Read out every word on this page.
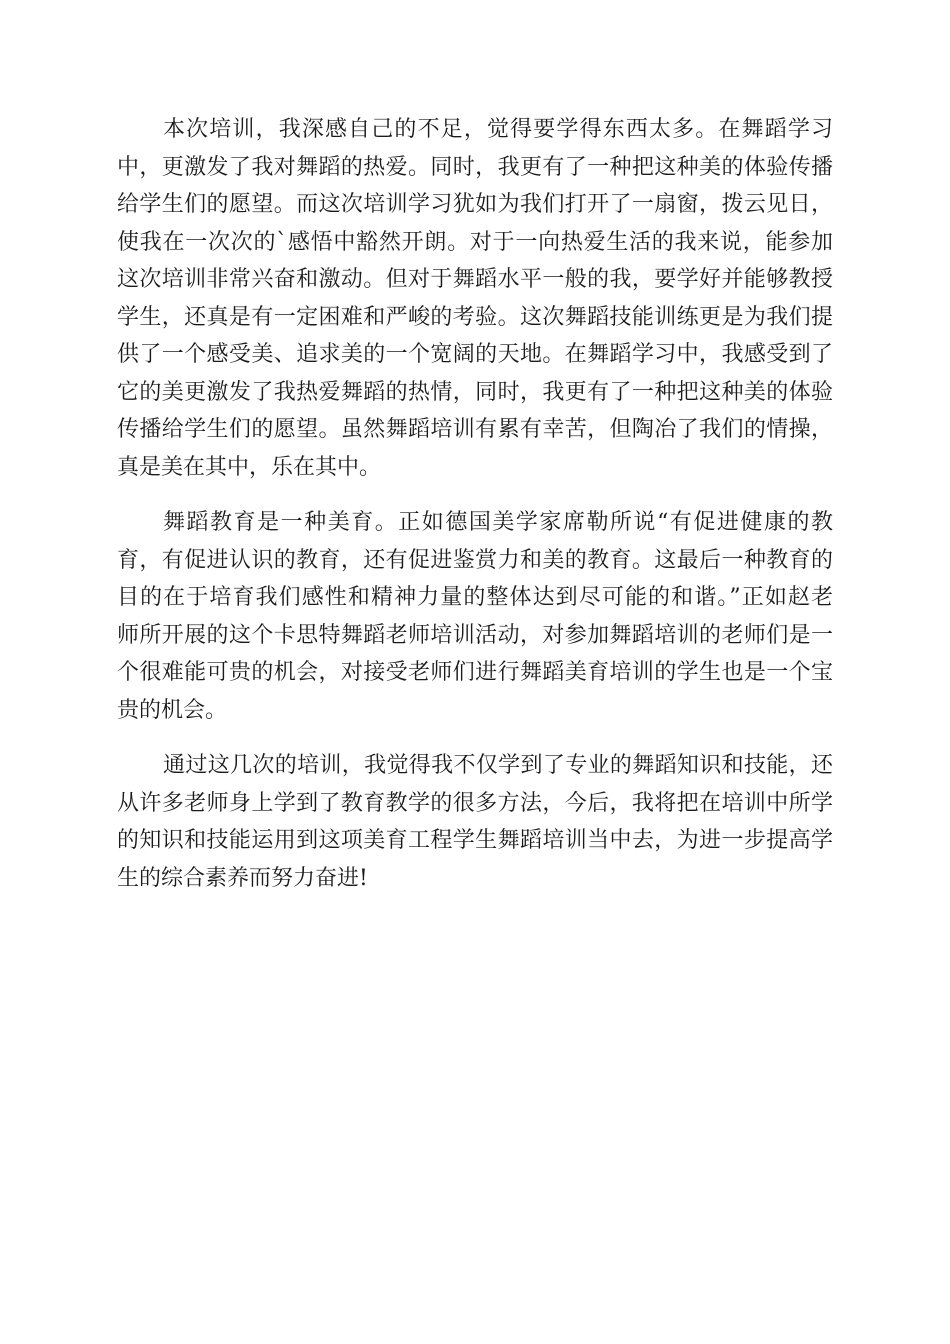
本次培训，我深感自己的不足，觉得要学得东西太多。在舞蹈学习
中，更激发了我对舞蹈的热爱。同时，我更有了一种把这种美的体验传播
给学生们的愿望。而这次培训学习犹如为我们打开了一扇窗，拨云见日，
使我在一次次的`感悟中豁然开朗。对于一向热爱生活的我来说，能参加
这次培训非常兴奋和激动。但对于舞蹈水平一般的我，要学好并能够教授
学生，还真是有一定困难和严峻的考验。这次舞蹈技能训练更是为我们提
供了一个感受美、追求美的一个宽阔的天地。在舞蹈学习中，我感受到了
它的美更激发了我热爱舞蹈的热情，同时，我更有了一种把这种美的体验
传播给学生们的愿望。虽然舞蹈培训有累有幸苦，但陶冶了我们的情操，
真是美在其中，乐在其中。

舞蹈教育是一种美育。正如德国美学家席勒所说“有促进健康的教
育，有促进认识的教育，还有促进鉴赏力和美的教育。这最后一种教育的
目的在于培育我们感性和精神力量的整体达到尽可能的和谐。”正如赵老
师所开展的这个卡思特舞蹈老师培训活动，对参加舞蹈培训的老师们是一
个很难能可贵的机会，对接受老师们进行舞蹈美育培训的学生也是一个宝
贵的机会。

通过这几次的培训，我觉得我不仅学到了专业的舞蹈知识和技能，还
从许多老师身上学到了教育教学的很多方法，今后，我将把在培训中所学
的知识和技能运用到这项美育工程学生舞蹈培训当中去，为进一步提高学
生的综合素养而努力奋进!
